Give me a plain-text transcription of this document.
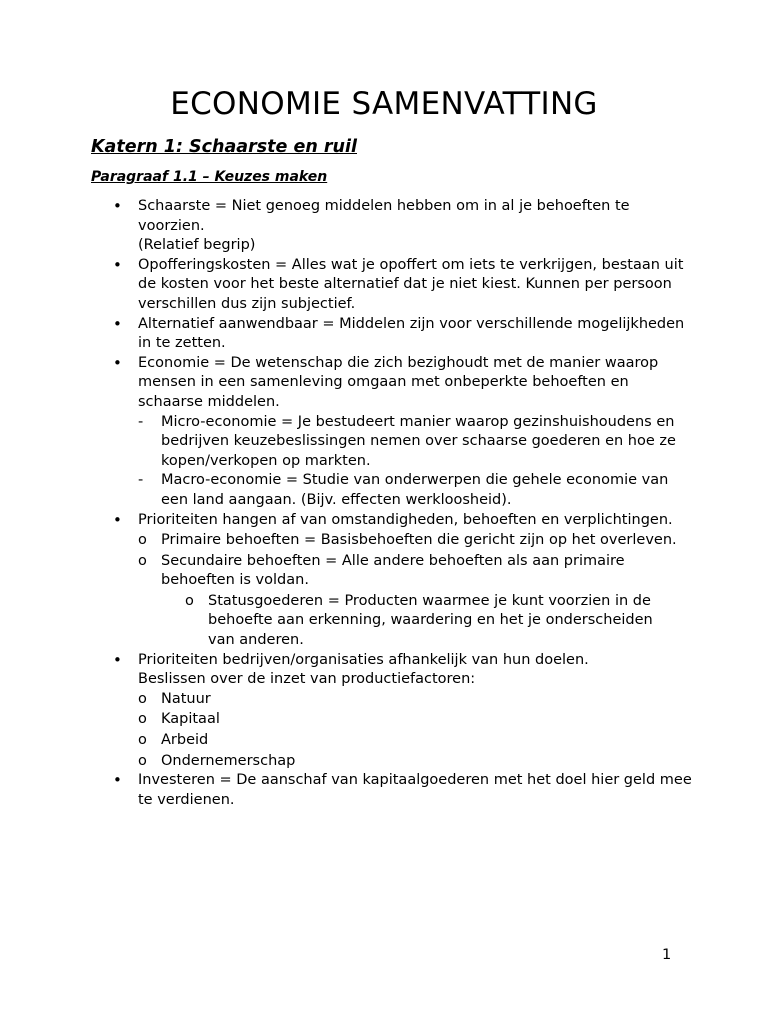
ECONOMIE SAMENVATTING
Katern 1: Schaarste en ruil
Paragraaf 1.1 – Keuzes maken
• Schaarste = Niet genoeg middelen hebben om in al je behoeften te voorzien.
(Relatief begrip)
• Opofferingskosten = Alles wat je opoffert om iets te verkrijgen, bestaan uit de kosten voor het beste alternatief dat je niet kiest. Kunnen per persoon verschillen dus zijn subjectief.
• Alternatief aanwendbaar = Middelen zijn voor verschillende mogelijkheden in te zetten.
• Economie = De wetenschap die zich bezighoudt met de manier waarop mensen in een samenleving omgaan met onbeperkte behoeften en schaarse middelen.
- Micro-economie = Je bestudeert manier waarop gezinshuishoudens en bedrijven keuzebeslissingen nemen over schaarse goederen en hoe ze kopen/verkopen op markten.
- Macro-economie = Studie van onderwerpen die gehele economie van een land aangaan. (Bijv. effecten werkloosheid).
• Prioriteiten hangen af van omstandigheden, behoeften en verplichtingen.
o Primaire behoeften = Basisbehoeften die gericht zijn op het overleven.
o Secundaire behoeften = Alle andere behoeften als aan primaire behoeften is voldan.
o Statusgoederen = Producten waarmee je kunt voorzien in de behoefte aan erkenning, waardering en het je onderscheiden van anderen.
• Prioriteiten bedrijven/organisaties afhankelijk van hun doelen.
Beslissen over de inzet van productiefactoren:
o Natuur
o Kapitaal
o Arbeid
o Ondernemerschap
• Investeren = De aanschaf van kapitaalgoederen met het doel hier geld mee te verdienen.
1
